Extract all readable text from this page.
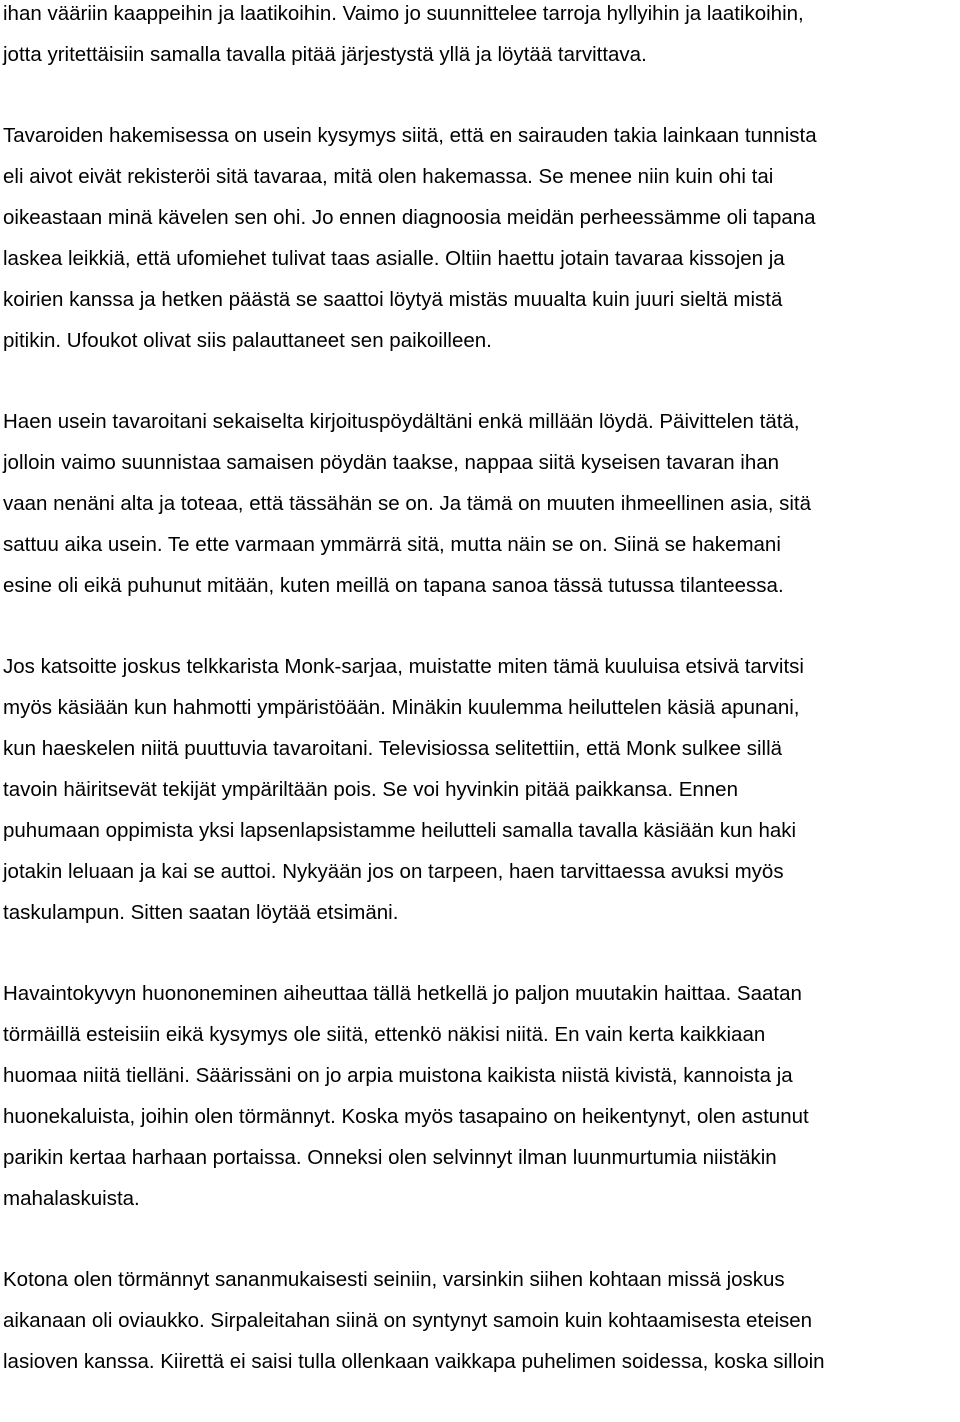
ihan vääriin kaappeihin ja laatikoihin. Vaimo jo suunnittelee tarroja hyllyihin ja laatikoihin,
jotta yritettäisiin samalla tavalla pitää järjestystä yllä ja löytää tarvittava.

Tavaroiden hakemisessa on usein kysymys siitä, että en sairauden takia lainkaan tunnista
eli aivot eivät rekisteröi sitä tavaraa, mitä olen hakemassa. Se menee niin kuin ohi tai
oikeastaan minä kävelen sen ohi. Jo ennen diagnoosia meidän perheessämme oli tapana
laskea leikkiä, että ufomiehet tulivat taas asialle. Oltiin haettu jotain tavaraa kissojen ja
koirien kanssa ja hetken päästä se saattoi löytyä mistäs muualta kuin juuri sieltä mistä
pitikin. Ufoukot olivat siis palauttaneet sen paikoilleen.

Haen usein tavaroitani sekaiselta kirjoituspöydältäni enkä millään löydä. Päivittelen tätä,
jolloin vaimo suunnistaa samaisen pöydän taakse, nappaa siitä kyseisen tavaran ihan
vaan nenäni alta ja toteaa, että tässähän se on. Ja tämä on muuten ihmeellinen asia, sitä
sattuu aika usein. Te ette varmaan ymmärrä sitä, mutta näin se on. Siinä se hakemani
esine oli eikä puhunut mitään, kuten meillä on tapana sanoa tässä tutussa tilanteessa.

Jos katsoitte joskus telkkarista Monk-sarjaa, muistatte miten tämä kuuluisa etsivä tarvitsi
myös käsiään kun hahmotti ympäristöään. Minäkin kuulemma heiluttelen käsiä apunani,
kun haeskelen niitä puuttuvia tavaroitani. Televisiossa selitettiin, että Monk sulkee sillä
tavoin häiritsevät tekijät ympäriltään pois. Se voi hyvinkin pitää paikkansa. Ennen
puhumaan oppimista yksi lapsenlapsistamme heilutteli samalla tavalla käsiään kun haki
jotakin leluaan ja kai se auttoi. Nykyään jos on tarpeen, haen tarvittaessa avuksi myös
taskulampun. Sitten saatan löytää etsimäni.

Havaintokyvyn huononeminen aiheuttaa tällä hetkellä jo paljon muutakin haittaa. Saatan
törmäillä esteisiin eikä kysymys ole siitä, ettenkö näkisi niitä. En vain kerta kaikkiaan
huomaa niitä tielläni. Säärissäni on jo arpia muistona kaikista niistä kivistä, kannoista ja
huonekaluista, joihin olen törmännyt. Koska myös tasapaino on heikentynyt, olen astunut
parikin kertaa harhaan portaissa. Onneksi olen selvinnyt ilman luunmurtumia niistäkin
mahalaskuista.

Kotona olen törmännyt sananmukaisesti seiniin, varsinkin siihen kohtaan missä joskus
aikanaan oli oviaukko. Sirpaleitahan siinä on syntynyt samoin kuin kohtaamisesta eteisen
lasioven kanssa. Kiirettä ei saisi tulla ollenkaan vaikkapa puhelimen soidessa, koska silloin
